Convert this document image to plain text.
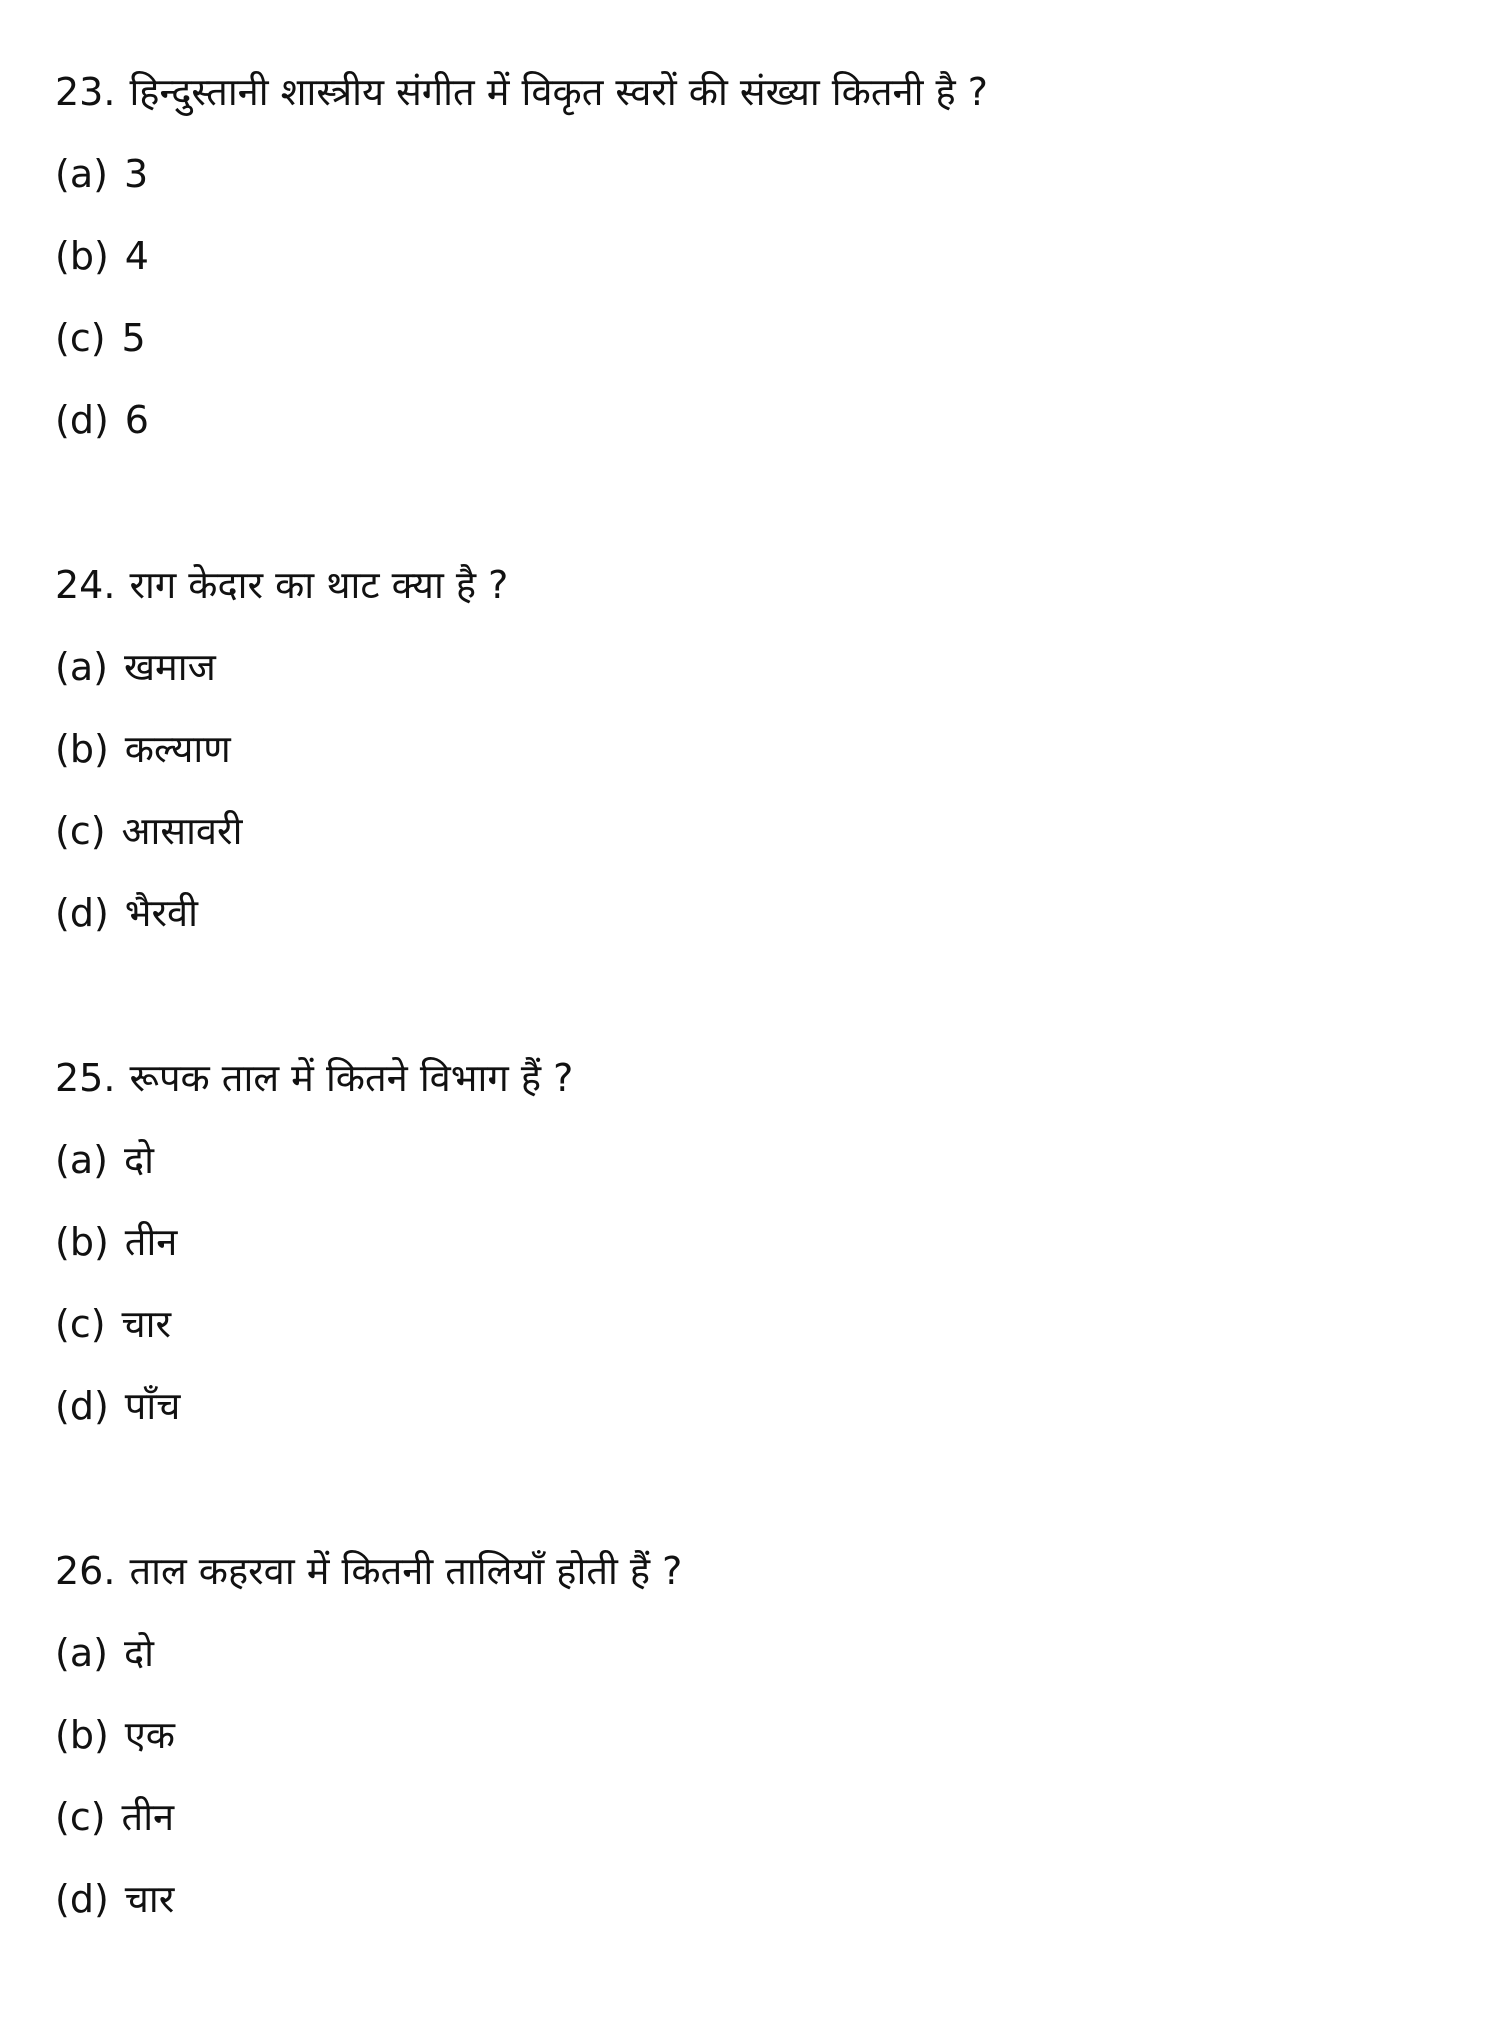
23. हिन्दुस्तानी शास्त्रीय संगीत में विकृत स्वरों की संख्या कितनी है ?
(a) 3
(b) 4
(c) 5
(d) 6
24. राग केदार का थाट क्या है ?
(a) खमाज
(b) कल्याण
(c) आसावरी
(d) भैरवी
25. रूपक ताल में कितने विभाग हैं ?
(a) दो
(b) तीन
(c) चार
(d) पाँच
26. ताल कहरवा में कितनी तालियाँ होती हैं ?
(a) दो
(b) एक
(c) तीन
(d) चार
